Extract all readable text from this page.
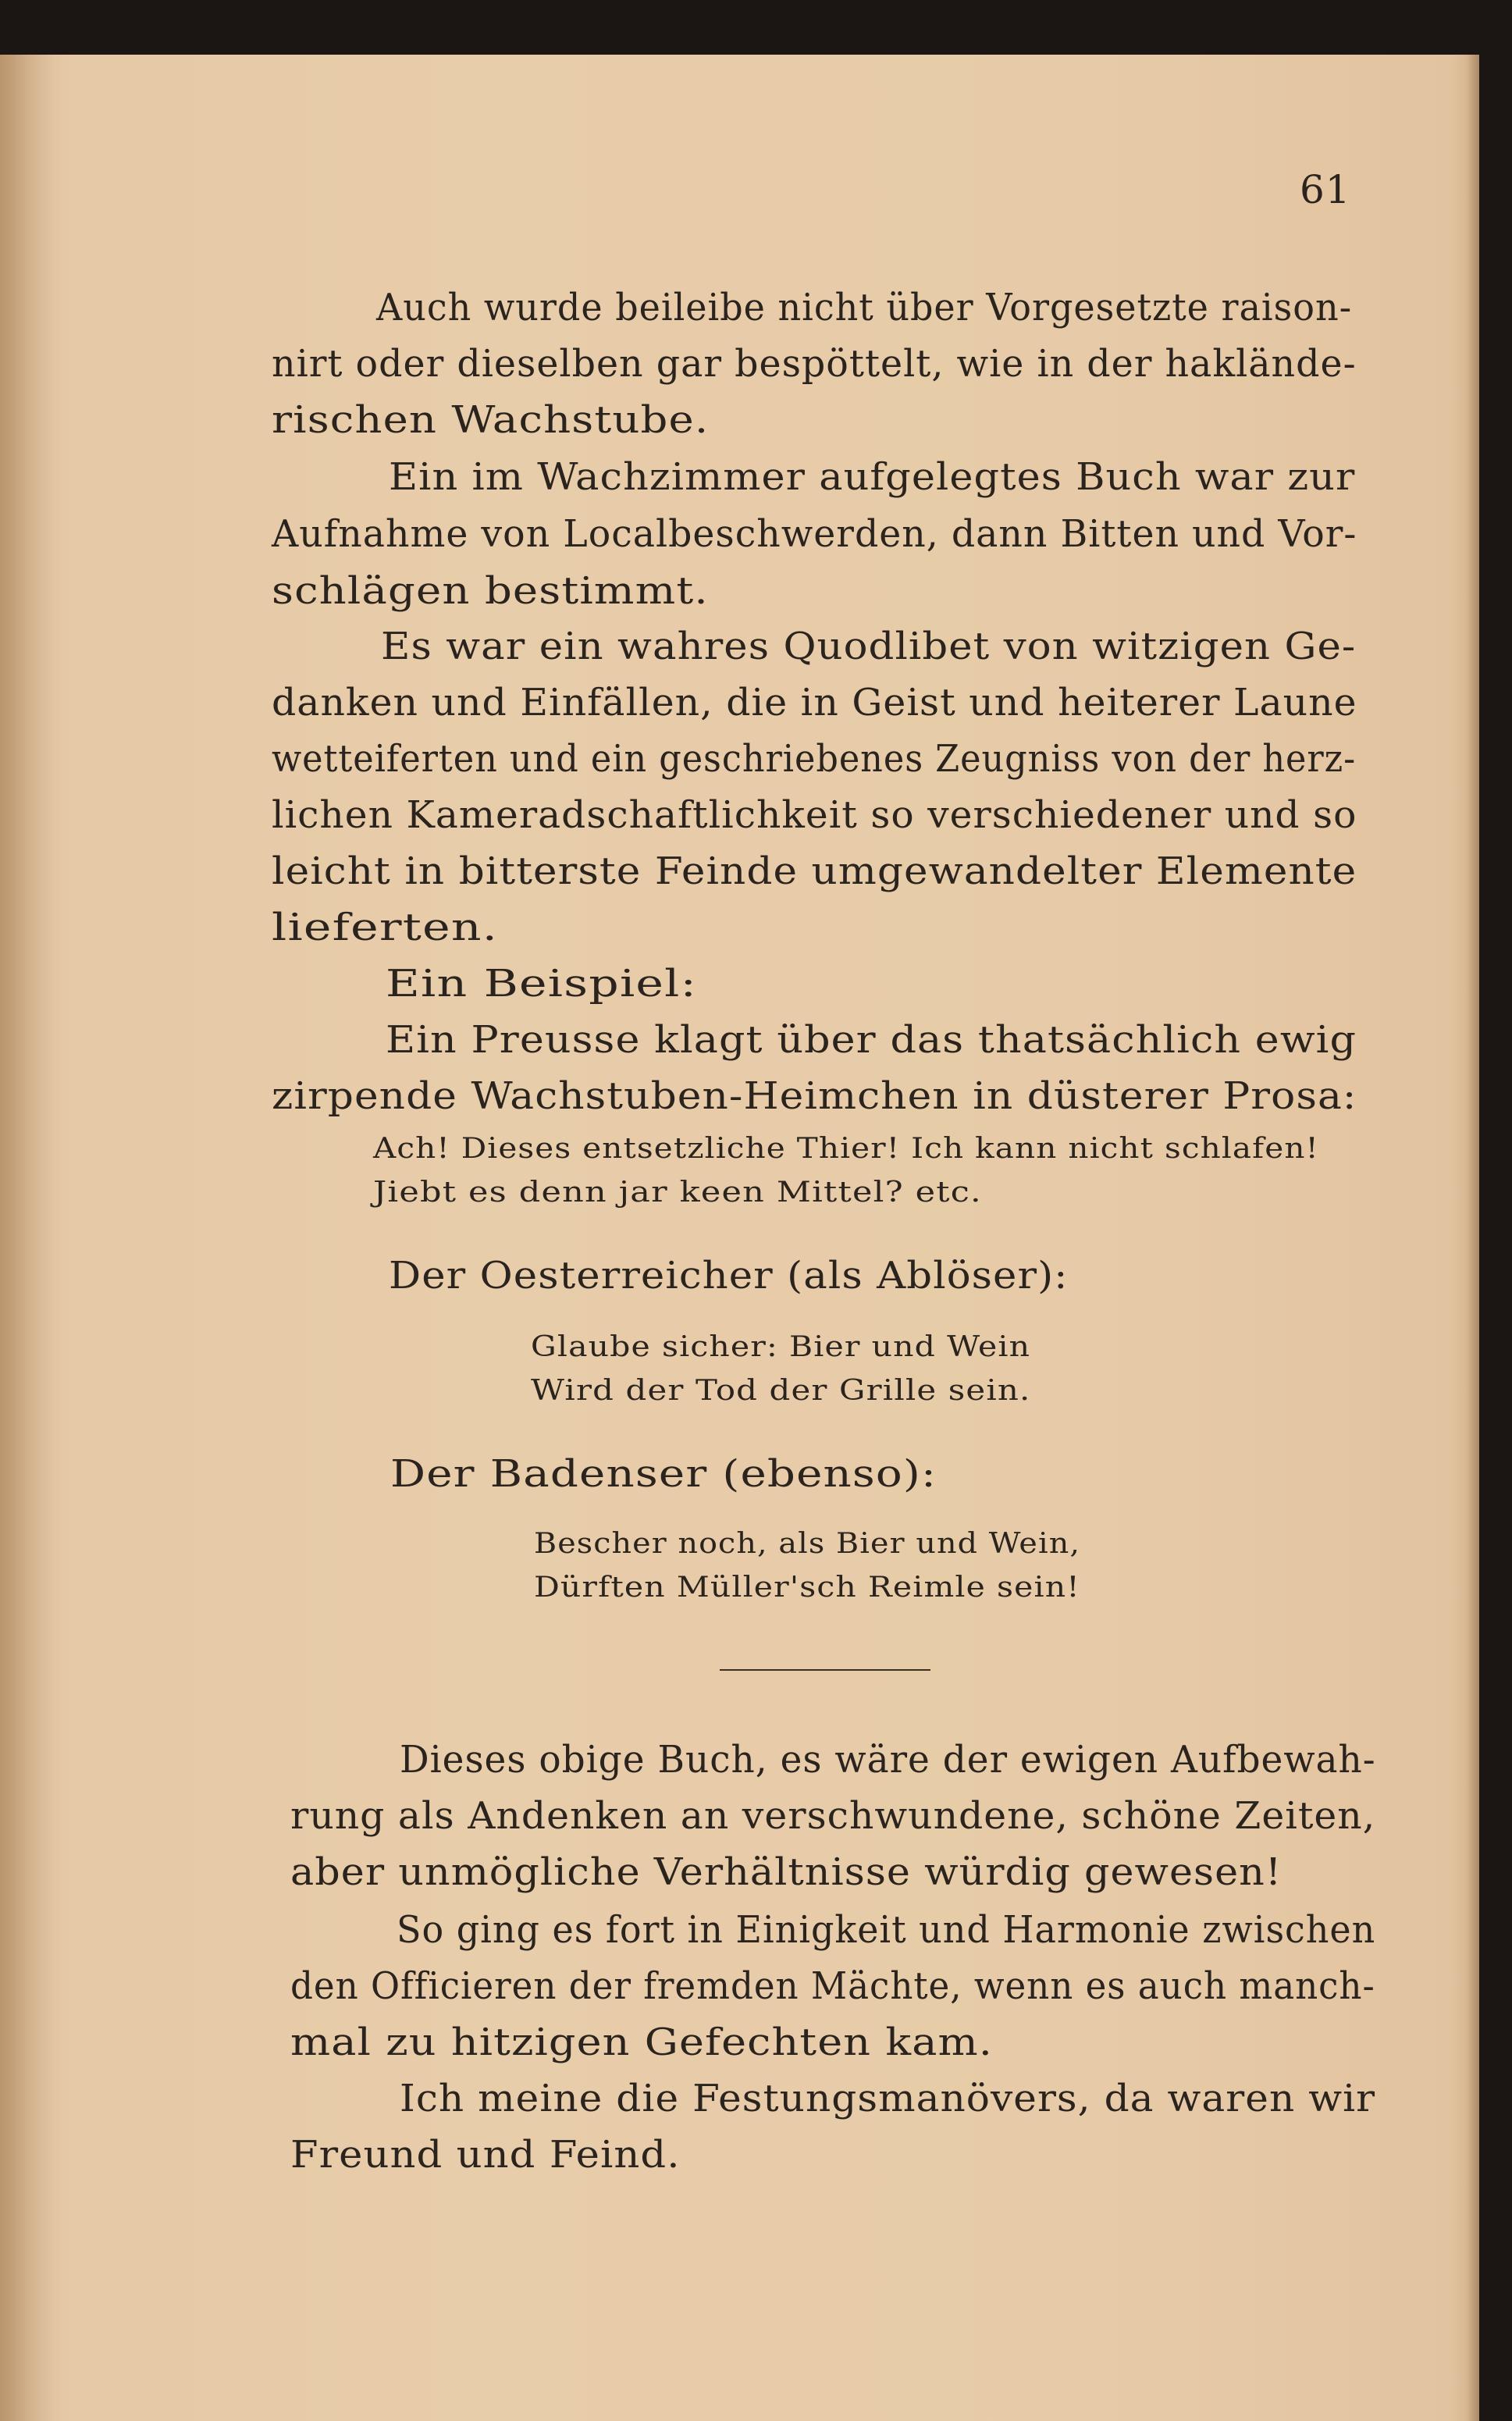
61
Auch wurde beileibe nicht über Vorgesetzte raison-
nirt oder dieselben gar bespöttelt, wie in der haklände-
rischen Wachstube.
Ein im Wachzimmer aufgelegtes Buch war zur
Aufnahme von Localbeschwerden, dann Bitten und Vor-
schlägen bestimmt.
Es war ein wahres Quodlibet von witzigen Ge-
danken und Einfällen, die in Geist und heiterer Laune
wetteiferten und ein geschriebenes Zeugniss von der herz-
lichen Kameradschaftlichkeit so verschiedener und so
leicht in bitterste Feinde umgewandelter Elemente
lieferten.
Ein Beispiel:
Ein Preusse klagt über das thatsächlich ewig
zirpende Wachstuben-Heimchen in düsterer Prosa:
Ach! Dieses entsetzliche Thier! Ich kann nicht schlafen!
Jiebt es denn jar keen Mittel? etc.
Der Oesterreicher (als Ablöser):
Glaube sicher: Bier und Wein
Wird der Tod der Grille sein.
Der Badenser (ebenso):
Bescher noch, als Bier und Wein,
Dürften Müller'sch Reimle sein!
Dieses obige Buch, es wäre der ewigen Aufbewah-
rung als Andenken an verschwundene, schöne Zeiten,
aber unmögliche Verhältnisse würdig gewesen!
So ging es fort in Einigkeit und Harmonie zwischen
den Officieren der fremden Mächte, wenn es auch manch-
mal zu hitzigen Gefechten kam.
Ich meine die Festungsmanövers, da waren wir
Freund und Feind.
